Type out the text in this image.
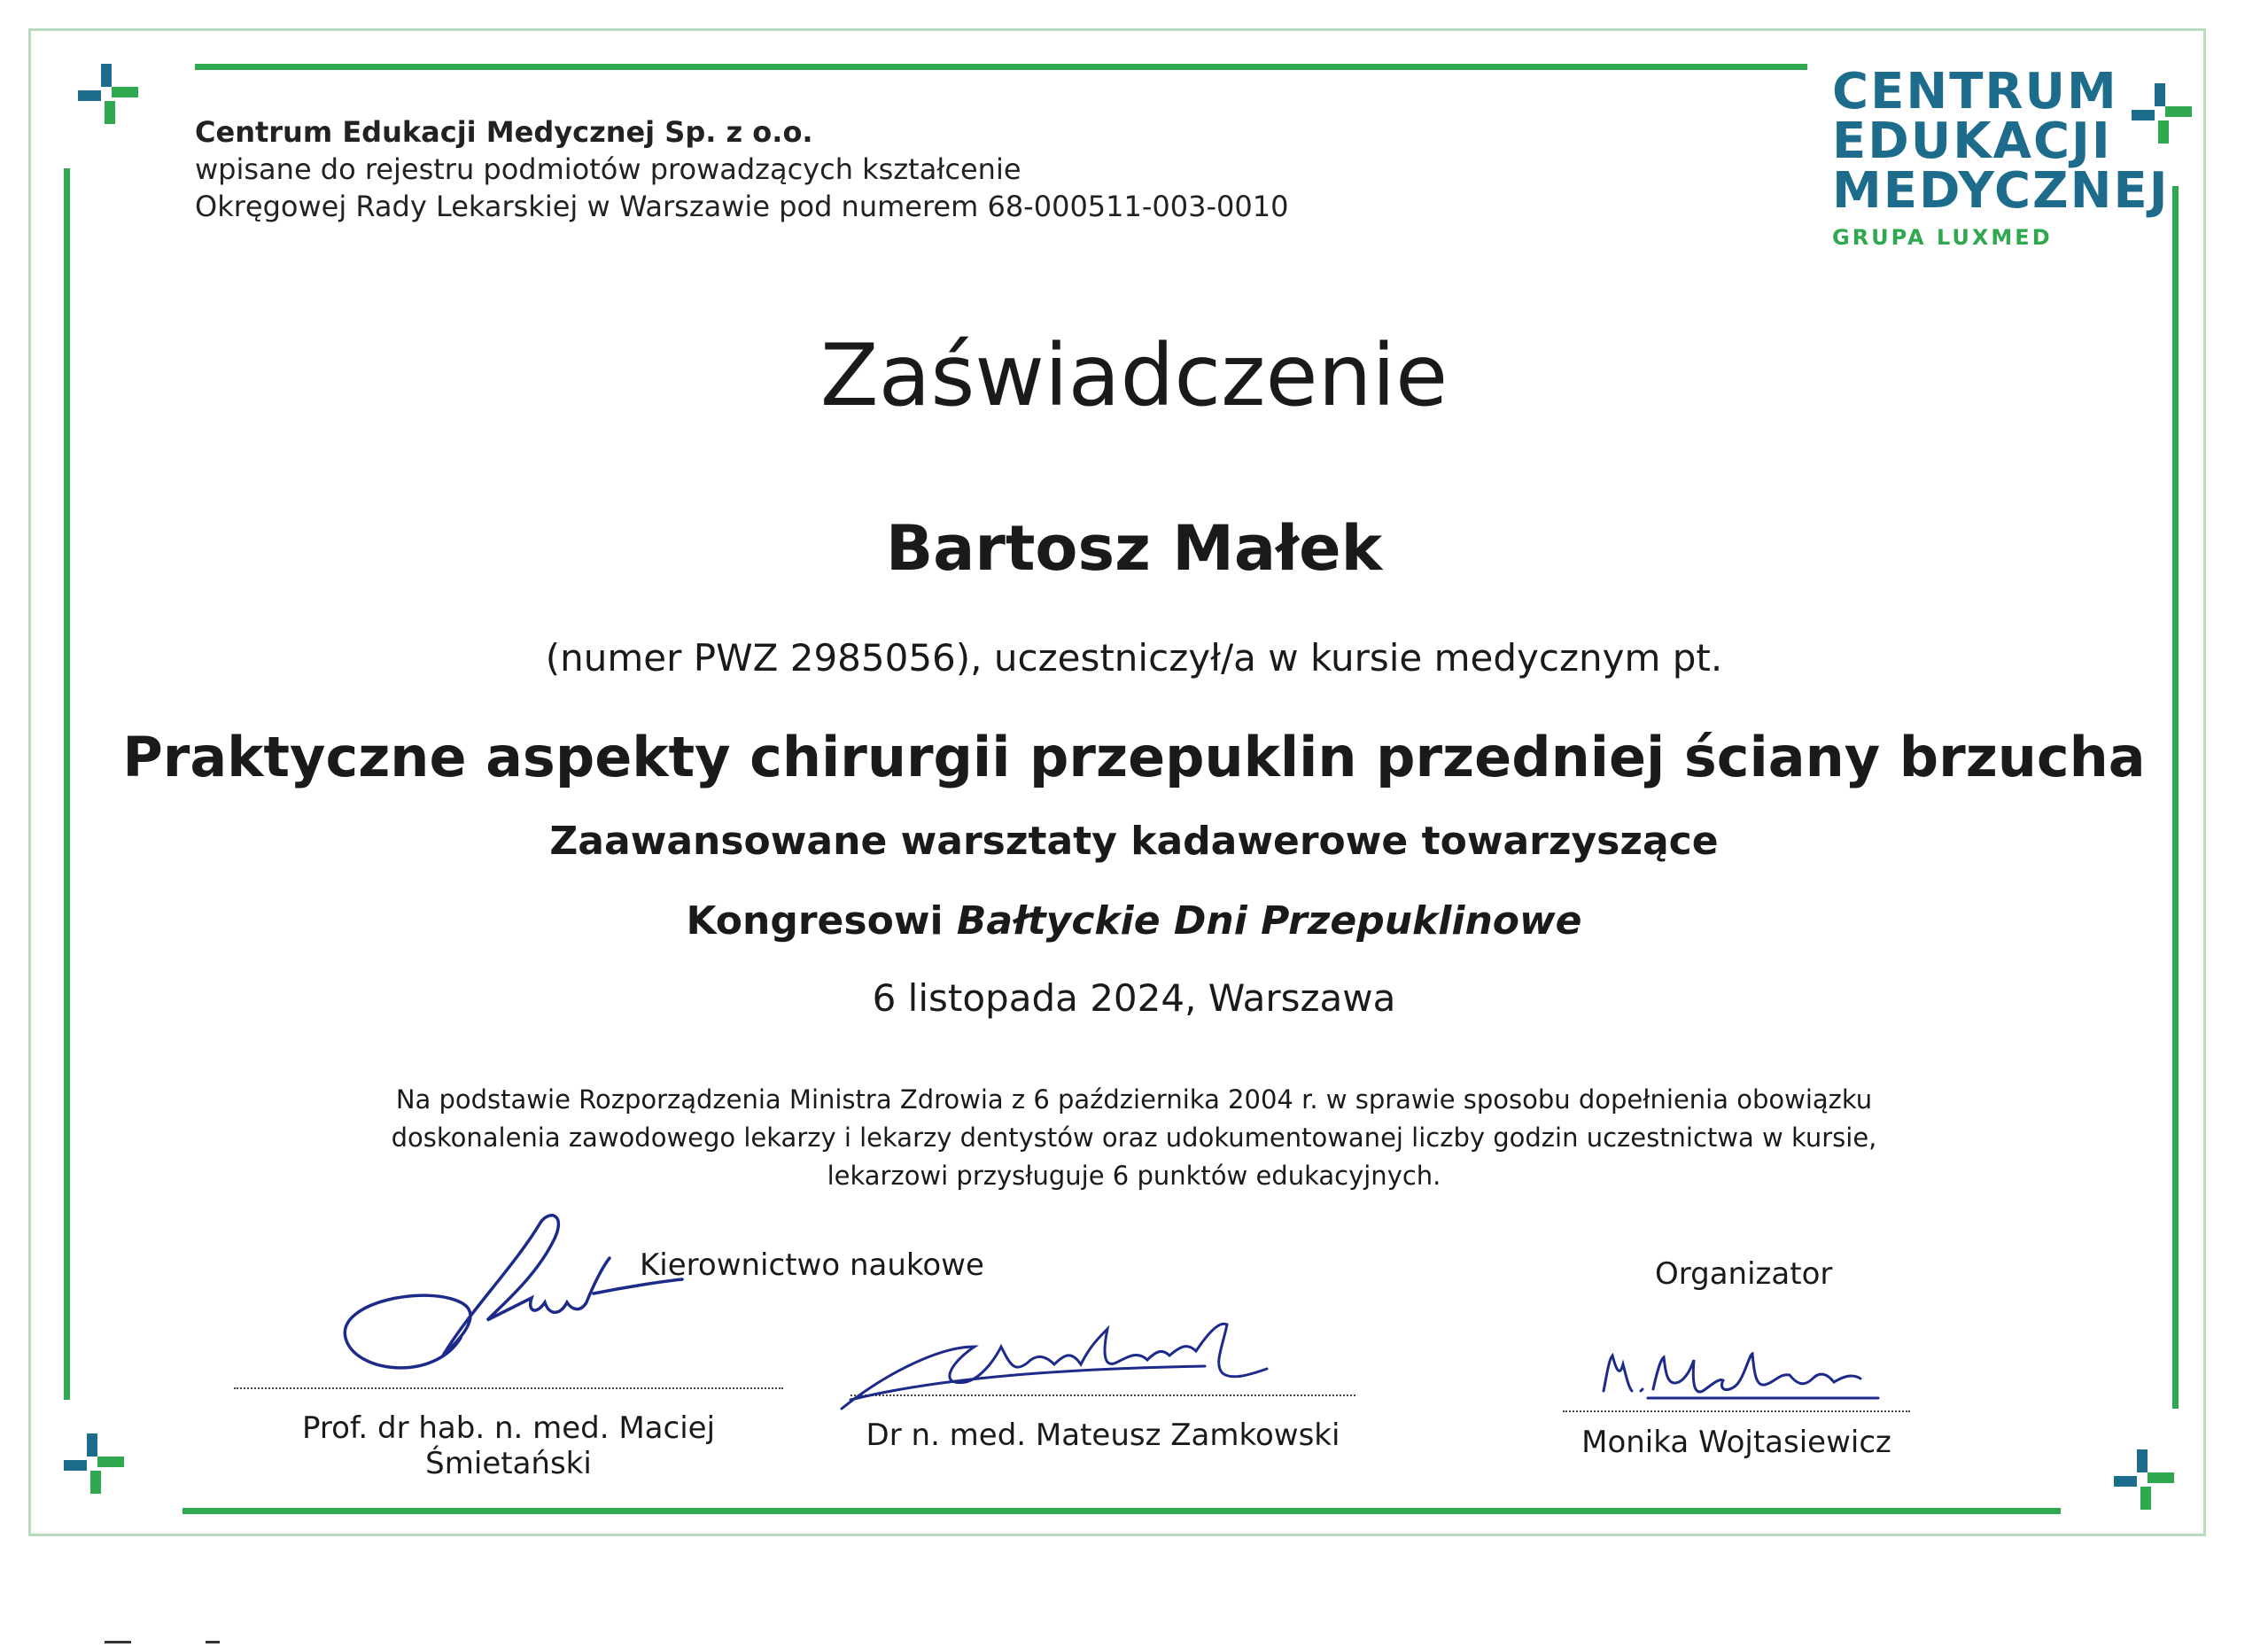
Centrum Edukacji Medycznej Sp. z o.o.
wpisane do rejestru podmiotów prowadzących kształcenie
Okręgowej Rady Lekarskiej w Warszawie pod numerem 68-000511-003-0010
CENTRUM
EDUKACJI
MEDYCZNEJ
GRUPA LUXMED
Zaświadczenie
Bartosz Małek
(numer PWZ 2985056), uczestniczył/a w kursie medycznym pt.
Praktyczne aspekty chirurgii przepuklin przedniej ściany brzucha
Zaawansowane warsztaty kadawerowe towarzyszące
Kongresowi Bałtyckie Dni Przepuklinowe
6 listopada 2024, Warszawa
Na podstawie Rozporządzenia Ministra Zdrowia z 6 października 2004 r. w sprawie sposobu dopełnienia obowiązku
doskonalenia zawodowego lekarzy i lekarzy dentystów oraz udokumentowanej liczby godzin uczestnictwa w kursie,
lekarzowi przysługuje 6 punktów edukacyjnych.
Kierownictwo naukowe	Organizator
Prof. dr hab. n. med. Maciej Śmietański
Dr n. med. Mateusz Zamkowski	Monika Wojtasiewicz
